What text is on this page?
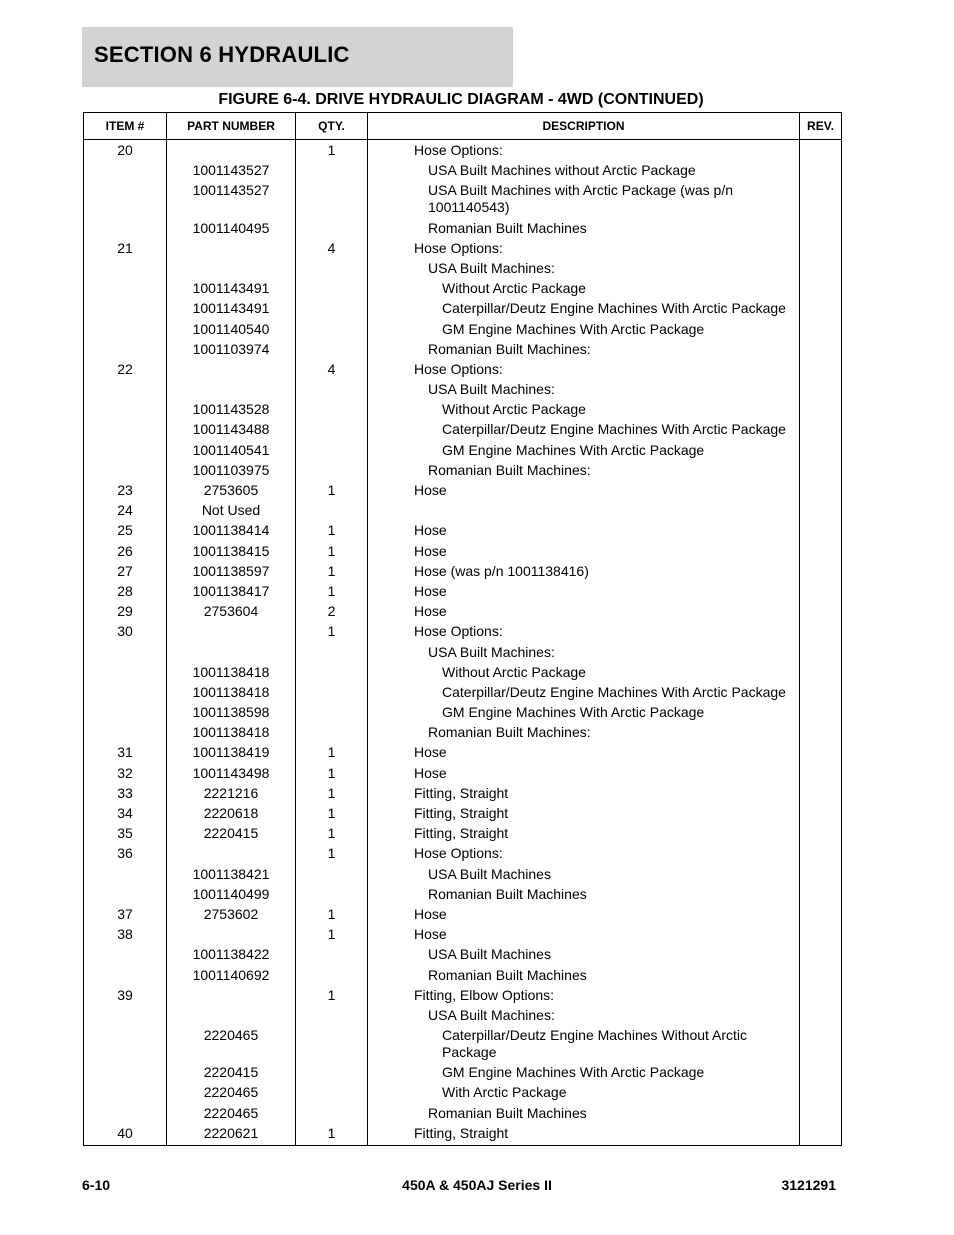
SECTION 6 HYDRAULIC
FIGURE 6-4. DRIVE HYDRAULIC DIAGRAM - 4WD (CONTINUED)
ITEM #	PART NUMBER	QTY.	DESCRIPTION	REV.
20		1	Hose Options:	

	1001143527		USA Built Machines without Arctic Package	

	1001143527		USA Built Machines with Arctic Package (was p/n 1001140543)	

	1001140495		Romanian Built Machines	

21		4	Hose Options:	

			USA Built Machines:	

	1001143491		Without Arctic Package	

	1001143491		Caterpillar/Deutz Engine Machines With Arctic Package	

	1001140540		GM Engine Machines With Arctic Package	

	1001103974		Romanian Built Machines:	

22		4	Hose Options:	

			USA Built Machines:	

	1001143528		Without Arctic Package	

	1001143488		Caterpillar/Deutz Engine Machines With Arctic Package	

	1001140541		GM Engine Machines With Arctic Package	

	1001103975		Romanian Built Machines:	

23	2753605	1	Hose	

24	Not Used		

25	1001138414	1	Hose	

26	1001138415	1	Hose	

27	1001138597	1	Hose (was p/n 1001138416)	

28	1001138417	1	Hose	

29	2753604	2	Hose	

30		1	Hose Options:	

			USA Built Machines:	

	1001138418		Without Arctic Package	

	1001138418		Caterpillar/Deutz Engine Machines With Arctic Package	

	1001138598		GM Engine Machines With Arctic Package	

	1001138418		Romanian Built Machines:	

31	1001138419	1	Hose	

32	1001143498	1	Hose	

33	2221216	1	Fitting, Straight	

34	2220618	1	Fitting, Straight	

35	2220415	1	Fitting, Straight	

36		1	Hose Options:	

	1001138421		USA Built Machines	

	1001140499		Romanian Built Machines	

37	2753602	1	Hose	

38		1	Hose	

	1001138422		USA Built Machines	

	1001140692		Romanian Built Machines	

39		1	Fitting, Elbow Options:	

			USA Built Machines:	

	2220465		Caterpillar/Deutz Engine Machines Without Arctic Package	

	2220415		GM Engine Machines With Arctic Package	

	2220465		With Arctic Package	

	2220465		Romanian Built Machines	

40	2220621	1	Fitting, Straight	

6-10	450A & 450AJ Series II	3121291
